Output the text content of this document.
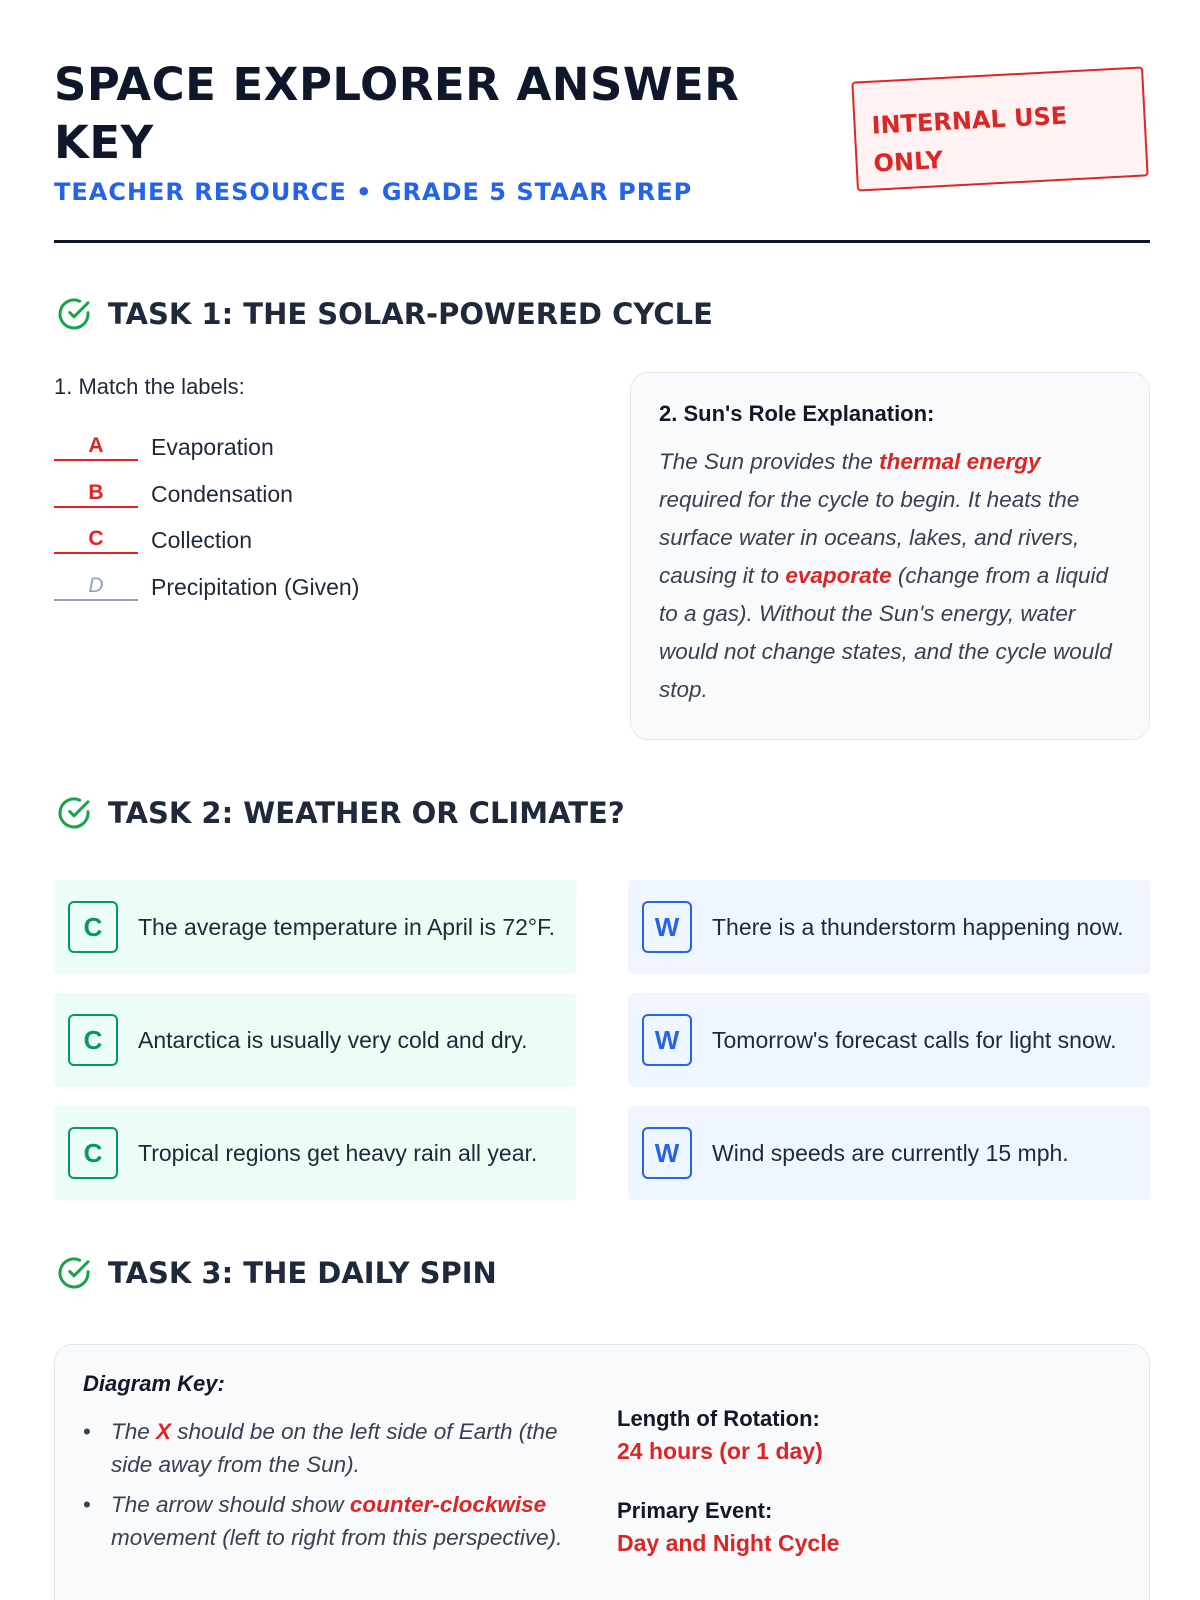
SPACE EXPLORER ANSWER KEY
TEACHER RESOURCE • GRADE 5 STAAR PREP
INTERNAL USE ONLY
TASK 1: THE SOLAR-POWERED CYCLE
1. Match the labels:
A	Evaporation
B	Condensation
C	Collection
D	Precipitation (Given)
2. Sun's Role Explanation:

The Sun provides the thermal energy required for the cycle to begin. It heats the surface water in oceans, lakes, and rivers, causing it to evaporate (change from a liquid to a gas). Without the Sun's energy, water would not change states, and the cycle would stop.

TASK 2: WEATHER OR CLIMATE?
C	The average temperature in April is 72°F.	W	There is a thunderstorm happening now.
C	Antarctica is usually very cold and dry.	W	Tomorrow's forecast calls for light snow.
C	Tropical regions get heavy rain all year.	W	Wind speeds are currently 15 mph.
TASK 3: THE DAILY SPIN
Diagram Key:
• The X should be on the left side of Earth (the side away from the Sun).
• The arrow should show counter-clockwise movement (left to right from this perspective).
Length of Rotation:
24 hours (or 1 day)
Primary Event:
Day and Night Cycle
